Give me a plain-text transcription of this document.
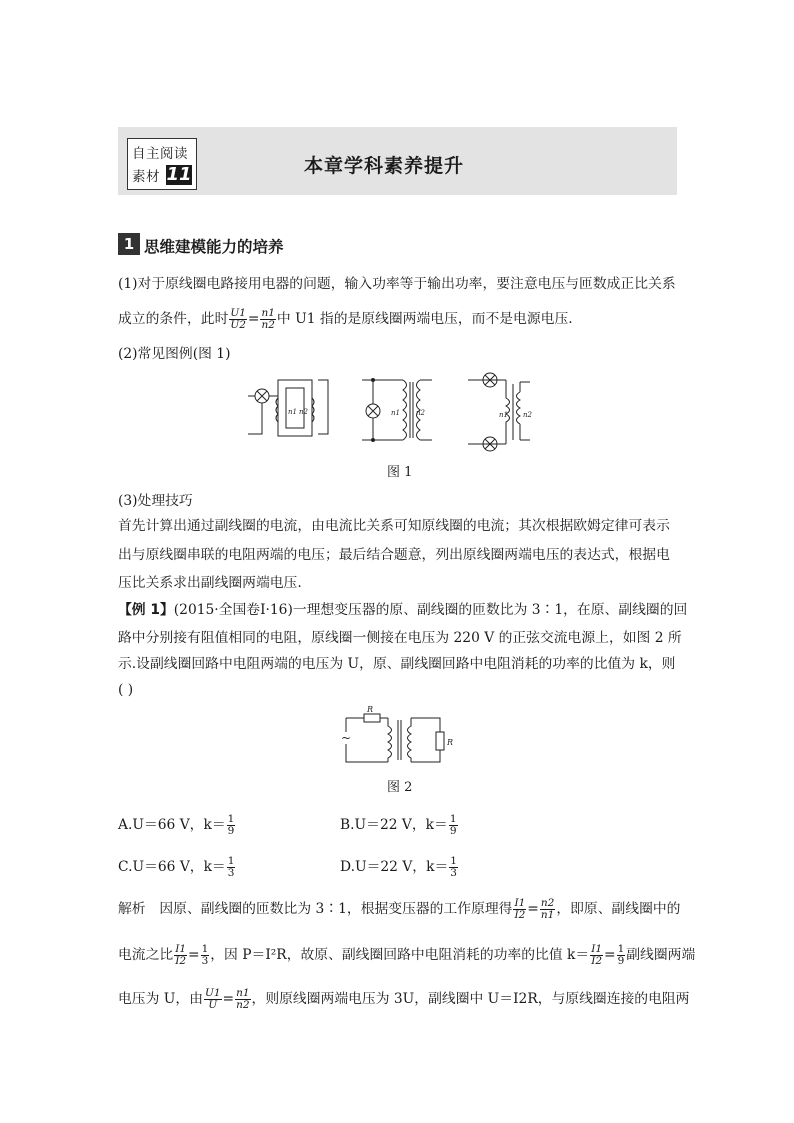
自主阅读
素材 11	本章学科素养提升
1 思维建模能力的培养
(1)对于原线圈电路接用电器的问题，输入功率等于输出功率，要注意电压与匝数成正比关系
成立的条件，此时 $\frac{U1}{U2} = \frac{n1}{n2}$ 中 U1 指的是原线圈两端电压，而不是电源电压.
(2)常见图例(图 1)
n1 n2	n1 n2	n1 n2
图 1
(3)处理技巧
首先计算出通过副线圈的电流，由电流比关系可知原线圈的电流；其次根据欧姆定律可表示
出与原线圈串联的电阻两端的电压；最后结合题意，列出原线圈两端电压的表达式，根据电
压比关系求出副线圈两端电压.
【例 1】(2015·全国卷Ⅰ·16)一理想变压器的原、副线圈的匝数比为 3∶1，在原、副线圈的回
路中分别接有阻值相同的电阻，原线圈一侧接在电压为 220 V 的正弦交流电源上，如图 2 所
示.设副线圈回路中电阻两端的电压为 U，原、副线圈回路中电阻消耗的功率的比值为 k，则
( )
R
~	R
图 2
A.U＝66 V，$k= \frac{1}{9}$	B.U＝22 V，$k= \frac{1}{9}$
C.U＝66 V，$k= \frac{1}{3}$	D.U＝22 V，$k= \frac{1}{3}$
解析　因原、副线圈的匝数比为 3∶1，根据变压器的工作原理得 $\frac{I1}{I2} = \frac{n2}{n1}$ ，即原、副线圈中的
电流之比 $\frac{I1}{I2} = \frac{1}{3}$ ，因 P＝I²R，故原、副线圈回路中电阻消耗的功率的比值 $k= \frac{I1}{I2} = \frac{1}{9}$ 副线圈两端
电压为 U，由 $\frac{U1}{U} = \frac{n1}{n2}$ ，则原线圈两端电压为 3U，副线圈中 U＝I2R，与原线圈连接的电阻两
